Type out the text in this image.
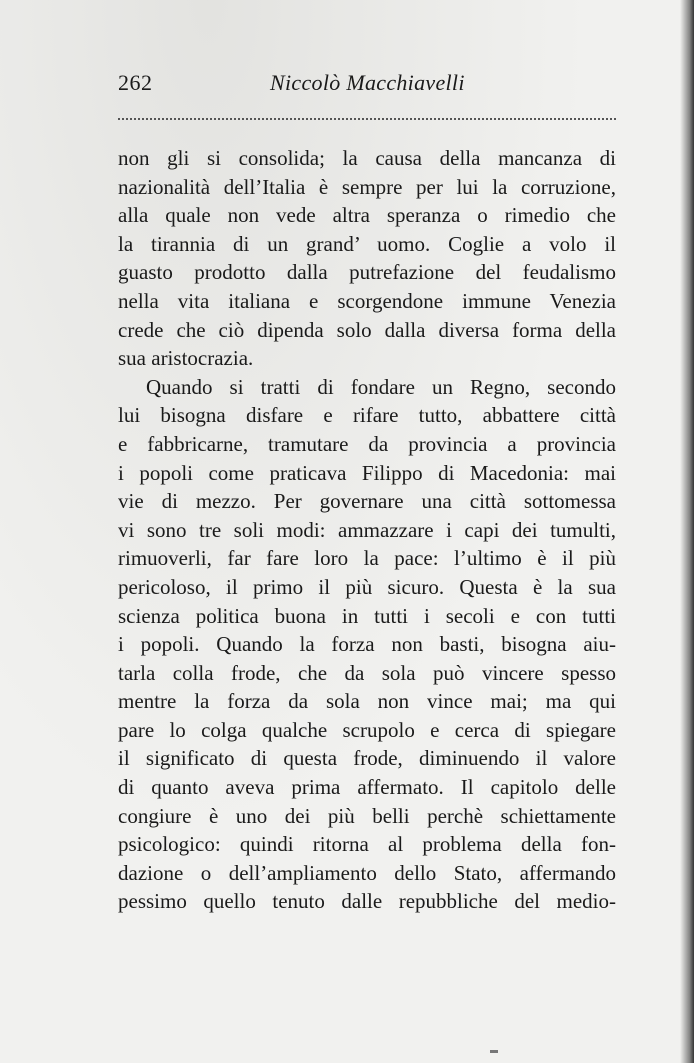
262	Niccolò Macchiavelli
non gli si consolida; la causa della mancanza di
nazionalità dell’Italia è sempre per lui la corruzione,
alla quale non vede altra speranza o rimedio che
la tirannia di un grand’ uomo. Coglie a volo il
guasto prodotto dalla putrefazione del feudalismo
nella vita italiana e scorgendone immune Venezia
crede che ciò dipenda solo dalla diversa forma della
sua aristocrazia.
Quando si tratti di fondare un Regno, secondo
lui bisogna disfare e rifare tutto, abbattere città
e fabbricarne, tramutare da provincia a provincia
i popoli come praticava Filippo di Macedonia: mai
vie di mezzo. Per governare una città sottomessa
vi sono tre soli modi: ammazzare i capi dei tumulti,
rimuoverli, far fare loro la pace: l’ultimo è il più
pericoloso, il primo il più sicuro. Questa è la sua
scienza politica buona in tutti i secoli e con tutti
i popoli. Quando la forza non basti, bisogna aiu-
tarla colla frode, che da sola può vincere spesso
mentre la forza da sola non vince mai; ma qui
pare lo colga qualche scrupolo e cerca di spiegare
il significato di questa frode, diminuendo il valore
di quanto aveva prima affermato. Il capitolo delle
congiure è uno dei più belli perchè schiettamente
psicologico: quindi ritorna al problema della fon-
dazione o dell’ampliamento dello Stato, affermando
pessimo quello tenuto dalle repubbliche del medio-
